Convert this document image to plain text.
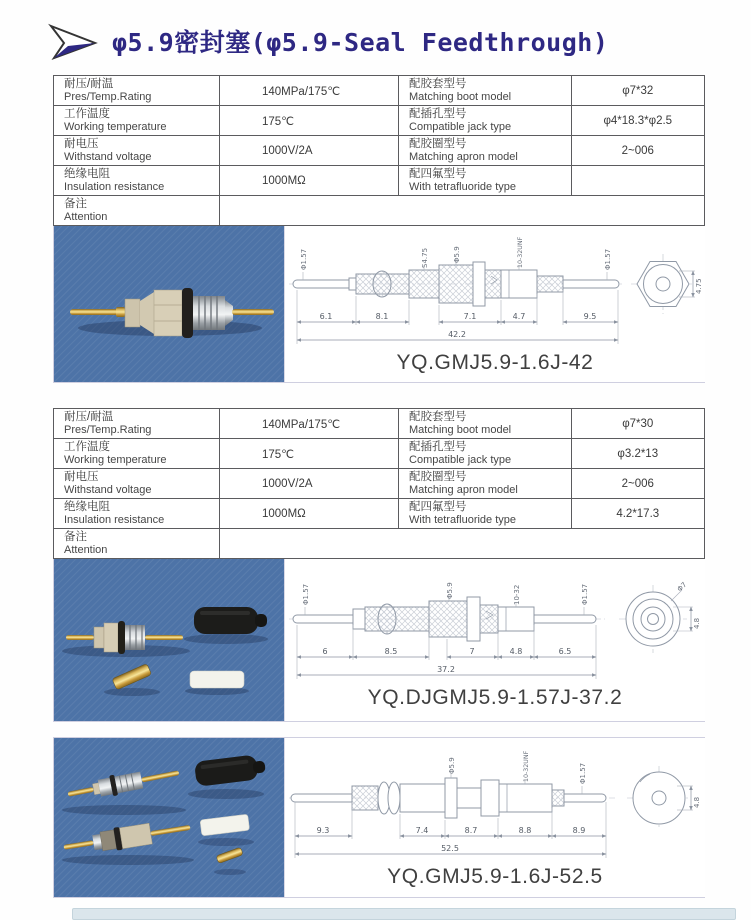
φ5.9密封塞(φ5.9-Seal Feedthrough)
耐压/耐温
Pres/Temp.Rating	140MPa/175℃	
配胶套型号
Matching boot model	φ7*32

工作温度
Working temperature	175℃	
配插孔型号
Compatible jack type	φ4*18.3*φ2.5

耐电压
Withstand voltage	1000V/2A	
配胶圈型号
Matching apron model	2~006

绝缘电阻
Insulation resistance	1000MΩ	
配四氟型号
With tetrafluoride type

备注
Attention			

Φ1.57	S4.75	Φ5.9	10-32UNF	Φ1.57
6.1	8.1	7.1	4.7	9.5
42.2
4.75
YQ.GMJ5.9-1.6J-42
耐压/耐温
Pres/Temp.Rating	140MPa/175℃	
配胶套型号
Matching boot model	φ7*30

工作温度
Working temperature	175℃	
配插孔型号
Compatible jack type	φ3.2*13

耐电压
Withstand voltage	1000V/2A	
配胶圈型号
Matching apron model	2~006

绝缘电阻
Insulation resistance	1000MΩ	
配四氟型号
With tetrafluoride type	4.2*17.3

备注
Attention			

Φ1.57	Φ5.9	10-32	Φ1.57
6	8.5	7	4.8	6.5
37.2
Φ7
4.8
YQ.DJGMJ5.9-1.57J-37.2
Φ5.9	10-32UNF	Φ1.57
9.3	7.4	8.7	8.8	8.9
52.5
4.8
YQ.GMJ5.9-1.6J-52.5
